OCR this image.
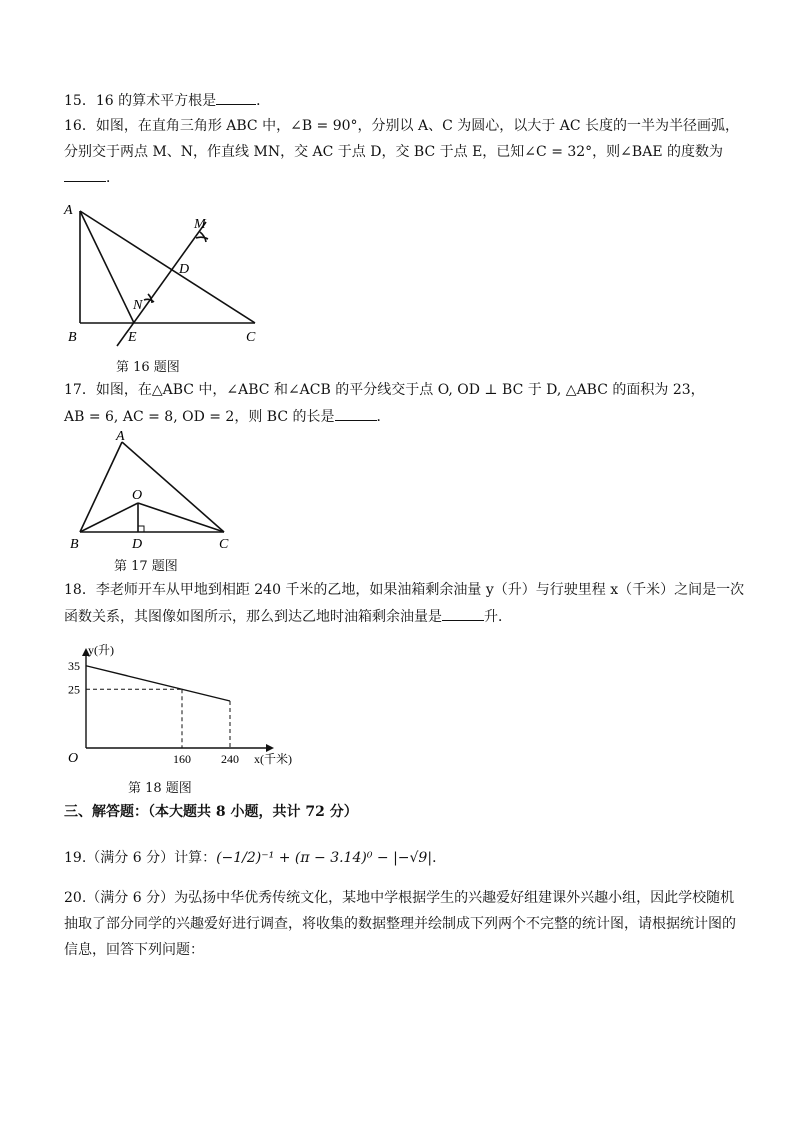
15．16 的算术平方根是	．
16．如图，在直角三角形 ABC 中，∠B = 90°，分别以 A、C 为圆心，以大于 AC 长度的一半为半径画弧，
分别交于两点 M、N，作直线 MN，交 AC 于点 D，交 BC 于点 E，已知∠C = 32°，则∠BAE 的度数为
．
A
B	C
D
E
M
N
第 16 题图
17．如图，在△ABC 中，∠ABC 和∠ACB 的平分线交于点 O, OD ⊥ BC 于 D, △ABC 的面积为 23，
AB = 6, AC = 8, OD = 2，则 BC 的长是	．
A
B	C
D
O
第 17 题图
18．李老师开车从甲地到相距 240 千米的乙地，如果油箱剩余油量 y（升）与行驶里程 x（千米）之间是一次
函数关系，其图像如图所示，那么到达乙地时油箱剩余油量是	升．
35
25
160	240
y(升)
x(千米)
O
第 18 题图
三、解答题：（本大题共 8 小题，共计 72 分）
19.（满分 6 分）计算：(−1/2)⁻¹ + (π − 3.14)⁰ − |−√9|．
20.（满分 6 分）为弘扬中华优秀传统文化，某地中学根据学生的兴趣爱好组建课外兴趣小组，因此学校随机
抽取了部分同学的兴趣爱好进行调查，将收集的数据整理并绘制成下列两个不完整的统计图，请根据统计图的
信息，回答下列问题：
